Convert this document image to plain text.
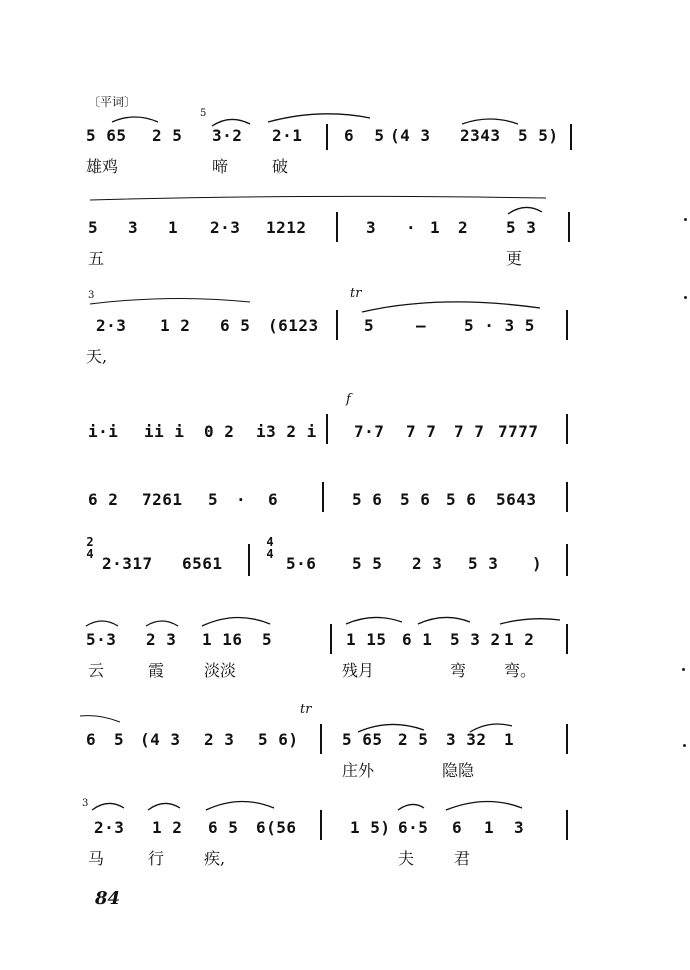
〔平词〕
5
5 65 2 5 3·2 2·1	6  5 (4 3 2343 5 5)
雄鸡	啼	破
5 3 1 2·3 1212	3 · 1 2 5 3
五	更
3	tr
2·3 1 2 6 5 (6123	5	— 5 · 3 5
天,
f
i·i ii i 0 2 i3 2 i 7·7 7 7 7 7 7777
6 2 7261 5 · 6	5 6 5 6 5 6 5643
2
4
4
4
2·317 6561	5·6 5 5 2 3 5 3 )
5·3 2 3 1 16 5	1 15 6 1 5 3 2 1 2
云	霞 淡淡	残月	弯 弯。
tr
6 5 (4 3 2 3 5 6)	5 65 2 5 3 32 1
庄外	隐隐
3
2·3 1 2 6 5 6(56	1 5) 6·5 6 1 3
马	行 疾,	夫 君
84
